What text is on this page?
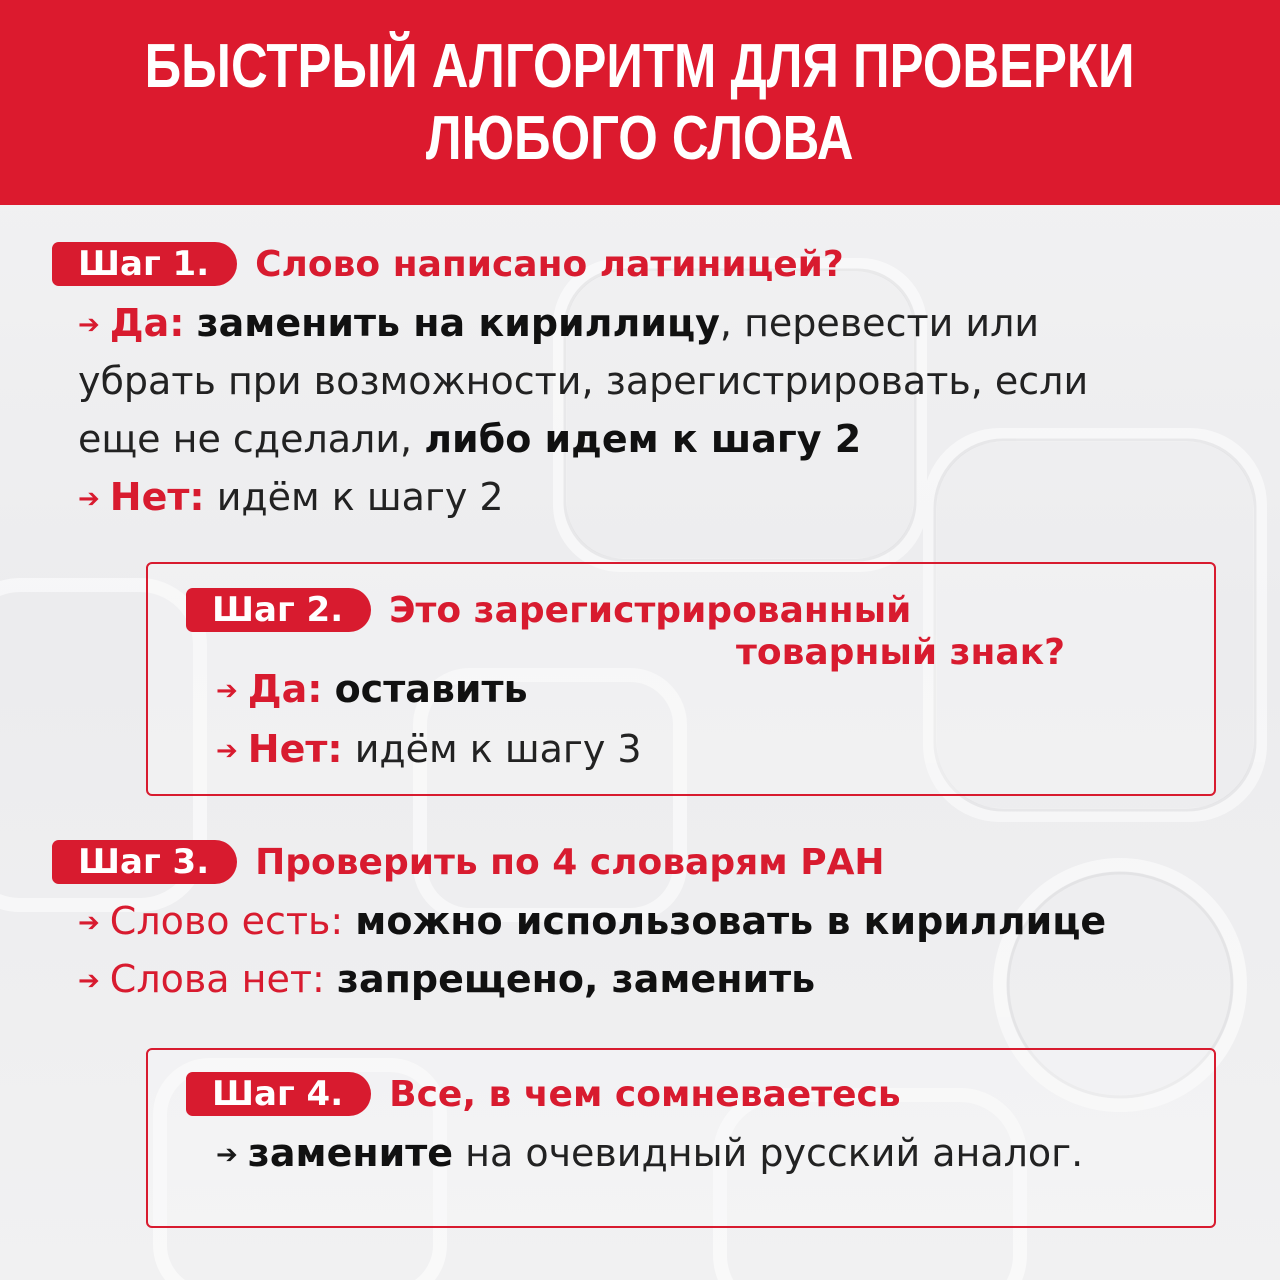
БЫСТРЫЙ АЛГОРИТМ ДЛЯ ПРОВЕРКИ
ЛЮБОГО СЛОВА
Шаг 1.	Слово написано латиницей?
➔ Да: заменить на кириллицу, перевести или
убрать при возможности, зарегистрировать, если
еще не сделали, либо идем к шагу 2
➔ Нет: идём к шагу 2
Шаг 2.	Это зарегистрированный
товарный знак?
➔ Да: оставить
➔ Нет: идём к шагу 3
Шаг 3.	Проверить по 4 словарям РАН
➔ Слово есть: можно использовать в кириллице
➔ Слова нет: запрещено, заменить
Шаг 4.	Все, в чем сомневаетесь
➔ замените на очевидный русский аналог.
